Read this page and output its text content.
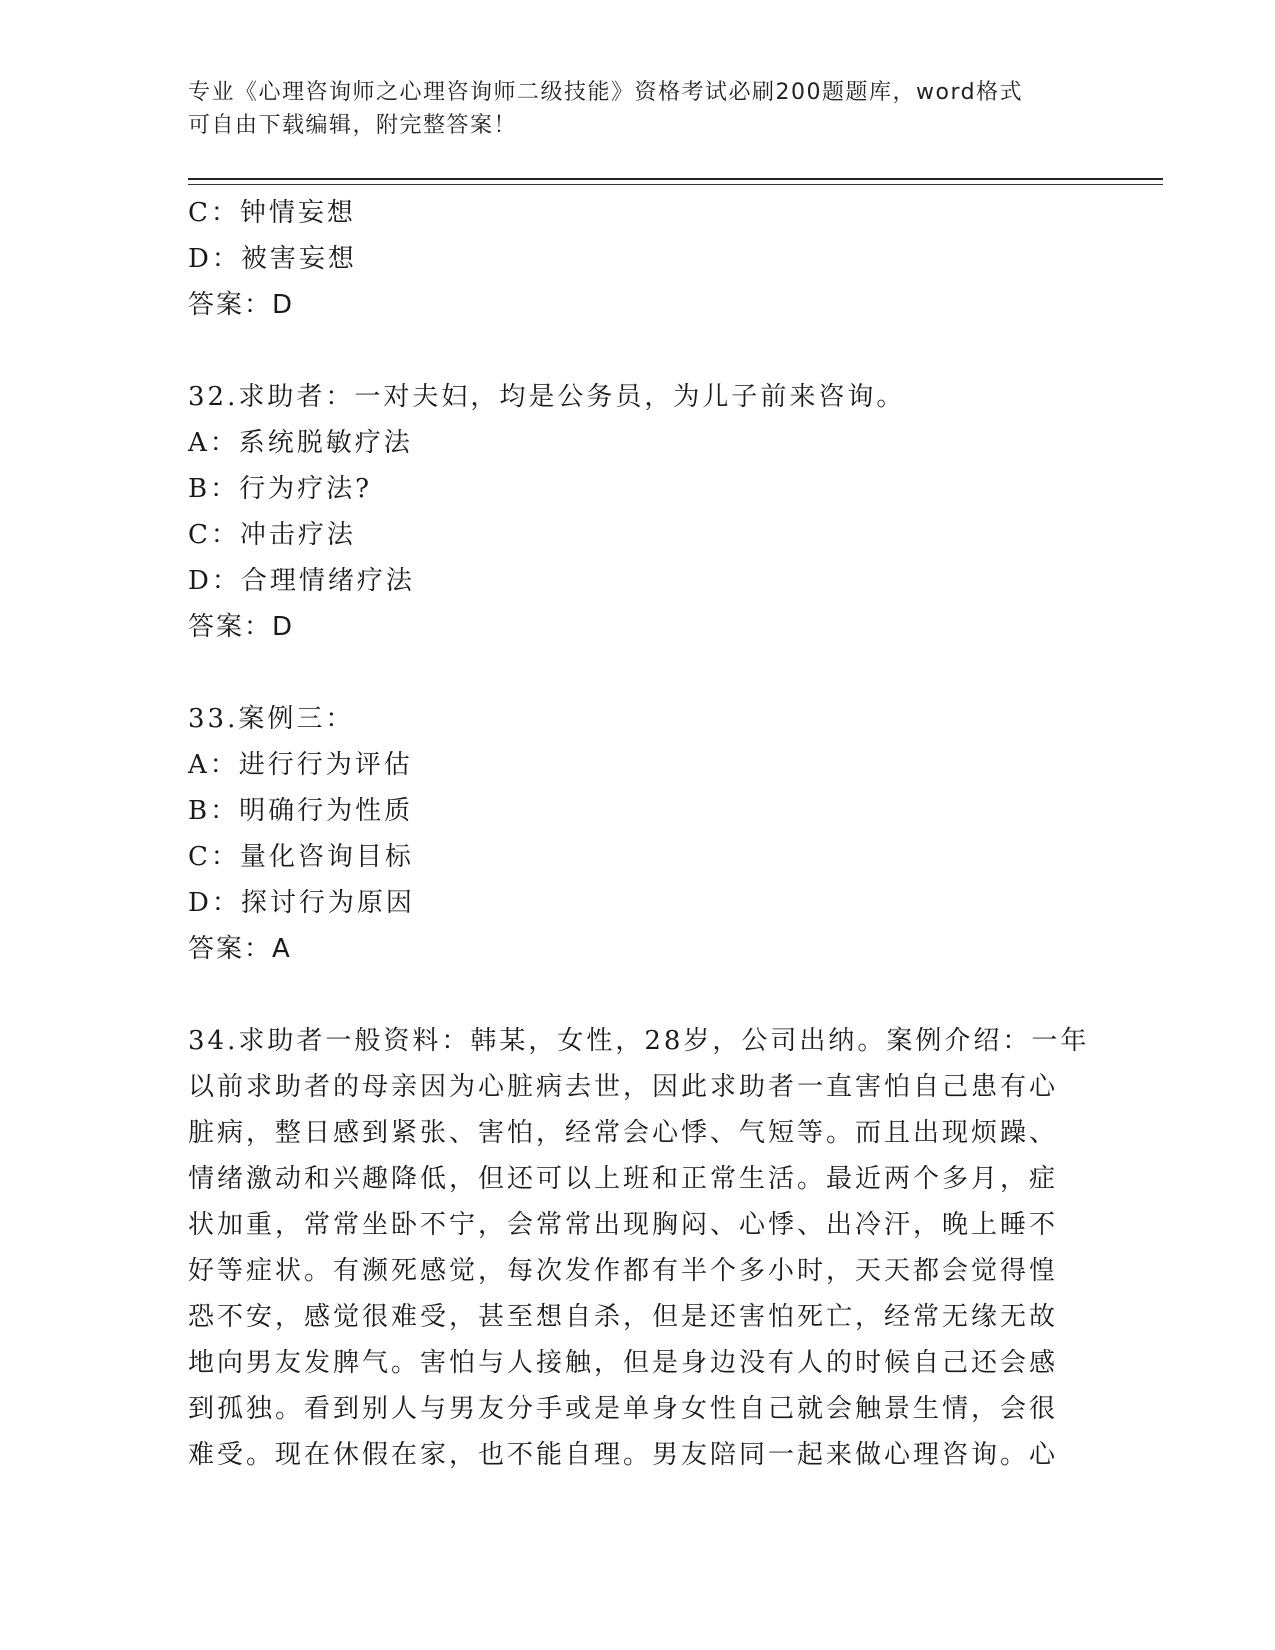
专业《心理咨询师之心理咨询师二级技能》资格考试必刷200题题库，word格式
可自由下载编辑，附完整答案！
C：钟情妄想
D：被害妄想
答案：D
32.求助者：一对夫妇，均是公务员，为儿子前来咨询。
A：系统脱敏疗法
B：行为疗法?
C：冲击疗法
D：合理情绪疗法
答案：D
33.案例三：
A：进行行为评估
B：明确行为性质
C：量化咨询目标
D：探讨行为原因
答案：A
34.求助者一般资料：韩某，女性，28岁，公司出纳。案例介绍：一年
以前求助者的母亲因为心脏病去世，因此求助者一直害怕自己患有心
脏病，整日感到紧张、害怕，经常会心悸、气短等。而且出现烦躁、
情绪激动和兴趣降低，但还可以上班和正常生活。最近两个多月，症
状加重，常常坐卧不宁，会常常出现胸闷、心悸、出冷汗，晚上睡不
好等症状。有濒死感觉，每次发作都有半个多小时，天天都会觉得惶
恐不安，感觉很难受，甚至想自杀，但是还害怕死亡，经常无缘无故
地向男友发脾气。害怕与人接触，但是身边没有人的时候自己还会感
到孤独。看到别人与男友分手或是单身女性自己就会触景生情，会很
难受。现在休假在家，也不能自理。男友陪同一起来做心理咨询。心
